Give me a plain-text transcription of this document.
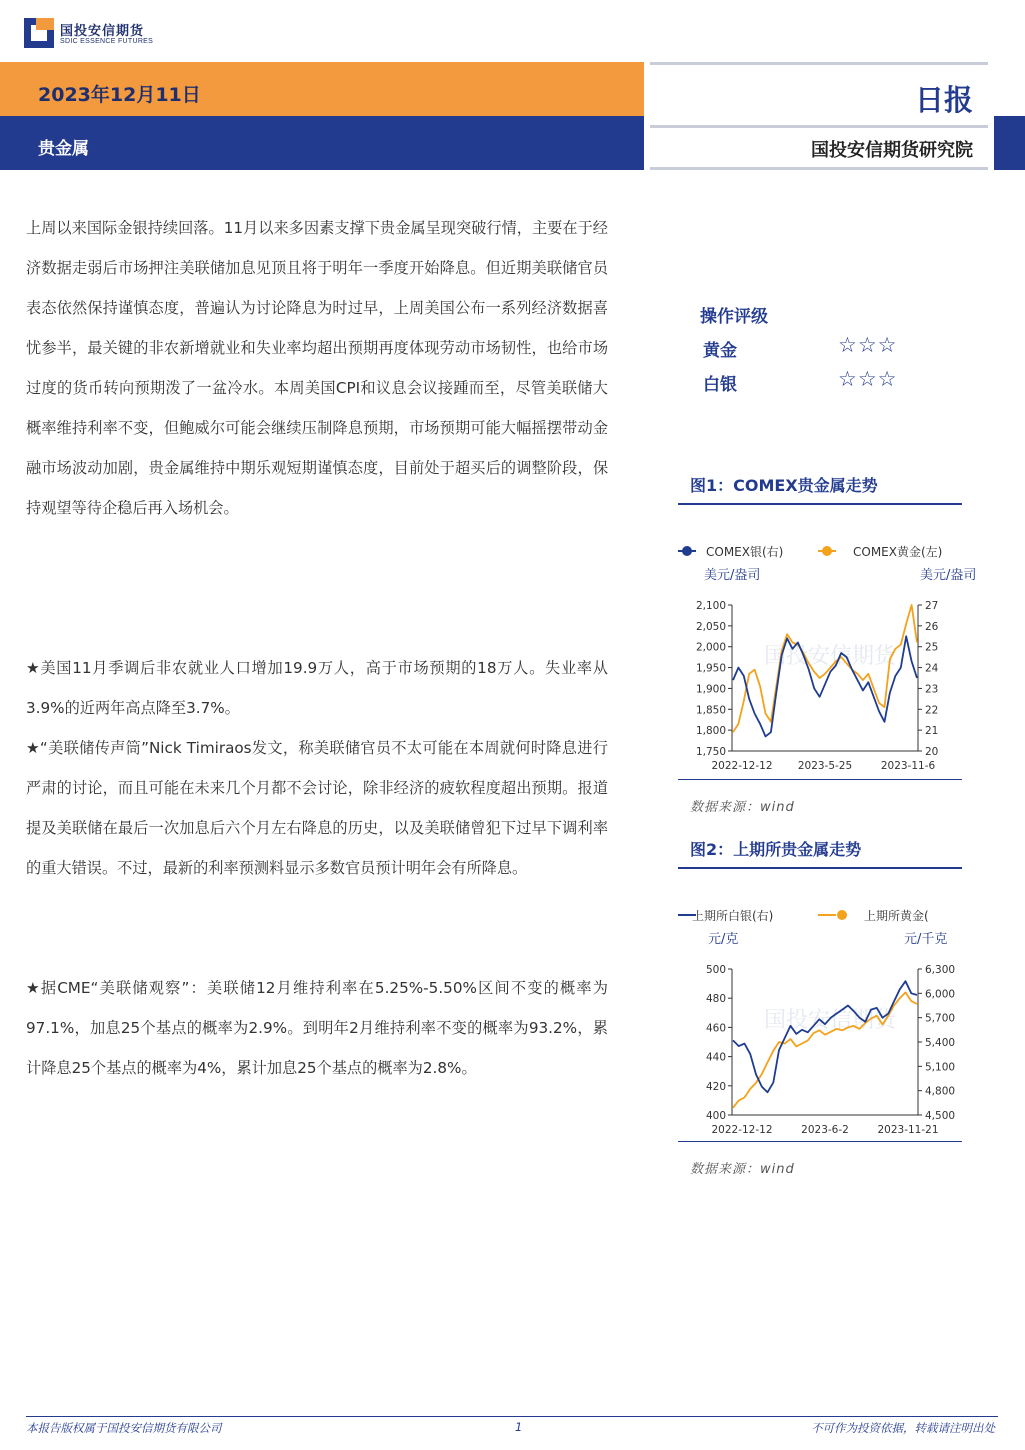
国投安信期货
SDIC ESSENCE FUTURES
2023年12月11日
贵金属
日报
国投安信期货研究院

上周以来国际金银持续回落。11月以来多因素支撑下贵金属呈现突破行情，主要在于经济数据走弱后市场押注美联储加息见顶且将于明年一季度开始降息。但近期美联储官员表态依然保持谨慎态度，普遍认为讨论降息为时过早，上周美国公布一系列经济数据喜忧参半，最关键的非农新增就业和失业率均超出预期再度体现劳动市场韧性，也给市场过度的货币转向预期泼了一盆冷水。本周美国CPI和议息会议接踵而至，尽管美联储大概率维持利率不变，但鲍威尔可能会继续压制降息预期，市场预期可能大幅摇摆带动金融市场波动加剧，贵金属维持中期乐观短期谨慎态度，目前处于超买后的调整阶段，保持观望等待企稳后再入场机会。

★美国11月季调后非农就业人口增加19.9万人，高于市场预期的18万人。失业率从3.9%的近两年高点降至3.7%。

★“美联储传声筒”Nick Timiraos发文，称美联储官员不太可能在本周就何时降息进行严肃的讨论，而且可能在未来几个月都不会讨论，除非经济的疲软程度超出预期。报道提及美联储在最后一次加息后六个月左右降息的历史，以及美联储曾犯下过早下调利率的重大错误。不过，最新的利率预测料显示多数官员预计明年会有所降息。

★据CME“美联储观察”：美联储12月维持利率在5.25%-5.50%区间不变的概率为97.1%，加息25个基点的概率为2.9%。到明年2月维持利率不变的概率为93.2%，累计降息25个基点的概率为4%，累计加息25个基点的概率为2.8%。

操作评级
黄金	☆☆☆
白银	☆☆☆
图1：COMEX贵金属走势
COMEX银(右)	COMEX黄金(左)
美元/盎司	美元/盎司
国投安信期货
2,100
2,050
2,000
1,950
1,900
1,850
1,800
1,750
27
26
25
24
23
22
21
20
2022-12-12 2023-5-25	2023-11-6
数据来源：wind
图2：上期所贵金属走势
上期所白银(右)	上期所黄金(
元/克	元/千克
国投安信期货
500
480
460
440
420
400
6,300
6,000
5,700
5,400
5,100
4,800
4,500
2022-12-12	2023-6-2	2023-11-21
数据来源：wind
本报告版权属于国投安信期货有限公司	1	不可作为投资依据，转载请注明出处
